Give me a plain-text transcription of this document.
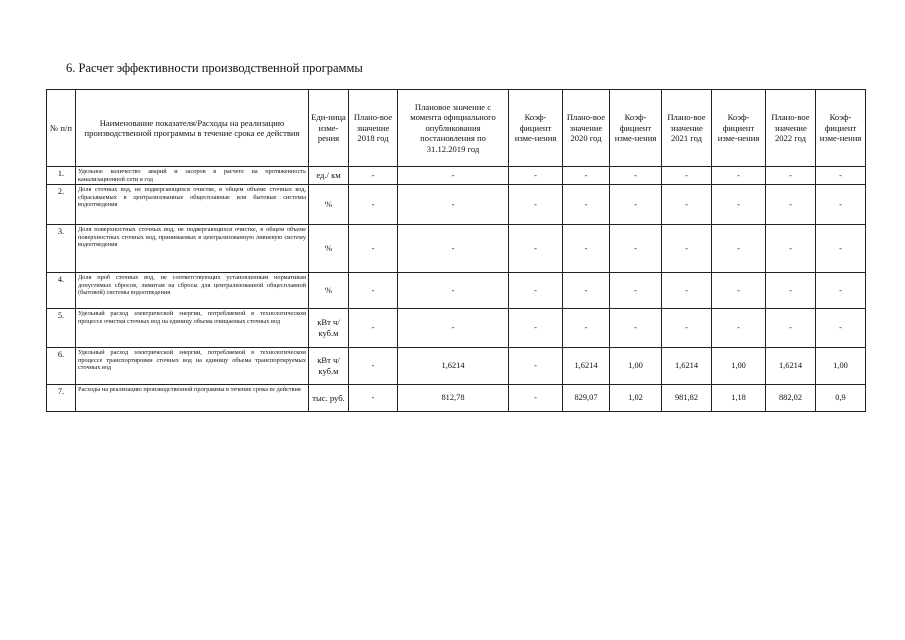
6. Расчет эффективности производственной программы
№ п/п	Наименование показателя/Расходы на реализацию производственной программы в течение срока ее действия	Еди-ница изме-рения	Плано-вое значение 2018 год	Плановое значение с момента официального опубликования постановления по 31.12.2019 год	Коэф-фициент изме-нения	Плано-вое значение 2020 год	Коэф-фициент изме-нения	Плано-вое значение 2021 год	Коэф-фициент изме-нения	Плано-вое значение 2022 год	Коэф-фициент изме-нения
1.	Удельное количество аварий и засоров в расчете на протяженность канализационной сети в год	ед./ км	-	-	-	-	-	-	-	-	-
2.	Доля сточных вод, не подвергающихся очистке, в общем объеме сточных вод, сбрасываемых в централизованные общесплавные или бытовые системы водоотведения	%	-	-	-	-	-	-	-	-	-
3.	Доля поверхностных сточных вод, не подвергающихся очистке, в общем объеме поверхностных сточных вод, принимаемых в централизованную ливневую систему водоотведения	%	-	-	-	-	-	-	-	-	-
4.	Доля проб сточных вод, не соответствующих установленным нормативам допустимых сбросов, лимитам на сбросы для централизованной общесплавной (бытовой) системы водоотведения	%	-	-	-	-	-	-	-	-	-
5.	Удельный расход электрической энергии, потребляемой в технологическом процессе очистки сточных вод на единицу объема очищаемых сточных вод	кВт ч/куб.м	-	-	-	-	-	-	-	-	-
6.	Удельный расход электрической энергии, потребляемой в технологическом процессе транспортировки сточных вод на единицу объема транспортируемых сточных вод	кВт ч/куб.м	-	1,6214	-	1,6214	1,00	1,6214	1,00	1,6214	1,00
7.	Расходы на реализацию производственной программы в течение срока ее действия	тыс. руб.	-	812,78	-	829,07	1,02	981,82	1,18	882,02	0,9
